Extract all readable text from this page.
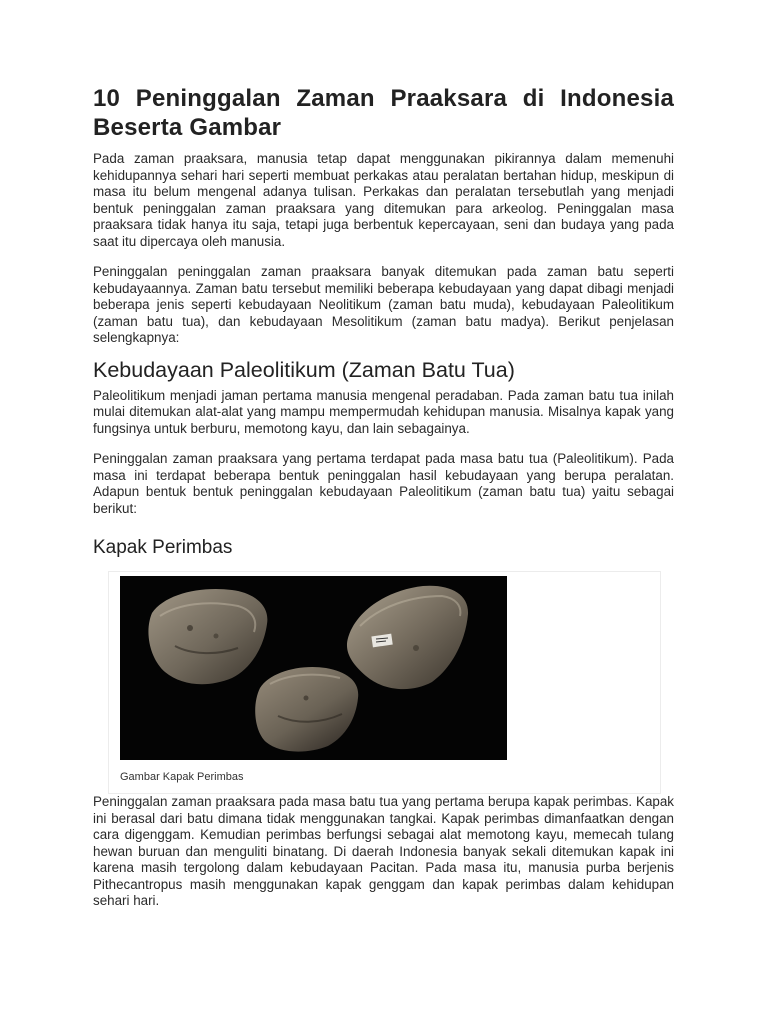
10 Peninggalan Zaman Praaksara di Indonesia Beserta Gambar

Pada zaman praaksara, manusia tetap dapat menggunakan pikirannya dalam memenuhi kehidupannya sehari hari seperti membuat perkakas atau peralatan bertahan hidup, meskipun di masa itu belum mengenal adanya tulisan. Perkakas dan peralatan tersebutlah yang menjadi bentuk peninggalan zaman praaksara yang ditemukan para arkeolog. Peninggalan masa praaksara tidak hanya itu saja, tetapi juga berbentuk kepercayaan, seni dan budaya yang pada saat itu dipercaya oleh manusia.

Peninggalan peninggalan zaman praaksara banyak ditemukan pada zaman batu seperti kebudayaannya. Zaman batu tersebut memiliki beberapa kebudayaan yang dapat dibagi menjadi beberapa jenis seperti kebudayaan Neolitikum (zaman batu muda), kebudayaan Paleolitikum (zaman batu tua), dan kebudayaan Mesolitikum (zaman batu madya). Berikut penjelasan selengkapnya:

Kebudayaan Paleolitikum (Zaman Batu Tua)

Paleolitikum menjadi jaman pertama manusia mengenal peradaban. Pada zaman batu tua inilah mulai ditemukan alat-alat yang mampu mempermudah kehidupan manusia. Misalnya kapak yang fungsinya untuk berburu, memotong kayu, dan lain sebagainya.

Peninggalan zaman praaksara yang pertama terdapat pada masa batu tua (Paleolitikum). Pada masa ini terdapat beberapa bentuk peninggalan hasil kebudayaan yang berupa peralatan. Adapun bentuk bentuk peninggalan kebudayaan Paleolitikum (zaman batu tua) yaitu sebagai berikut:

Kapak Perimbas
Gambar Kapak Perimbas

Peninggalan zaman praaksara pada masa batu tua yang pertama berupa kapak perimbas. Kapak ini berasal dari batu dimana tidak menggunakan tangkai. Kapak perimbas dimanfaatkan dengan cara digenggam. Kemudian perimbas berfungsi sebagai alat memotong kayu, memecah tulang hewan buruan dan menguliti binatang. Di daerah Indonesia banyak sekali ditemukan kapak ini karena masih tergolong dalam kebudayaan Pacitan. Pada masa itu, manusia purba berjenis Pithecantropus masih menggunakan kapak genggam dan kapak perimbas dalam kehidupan sehari hari.
